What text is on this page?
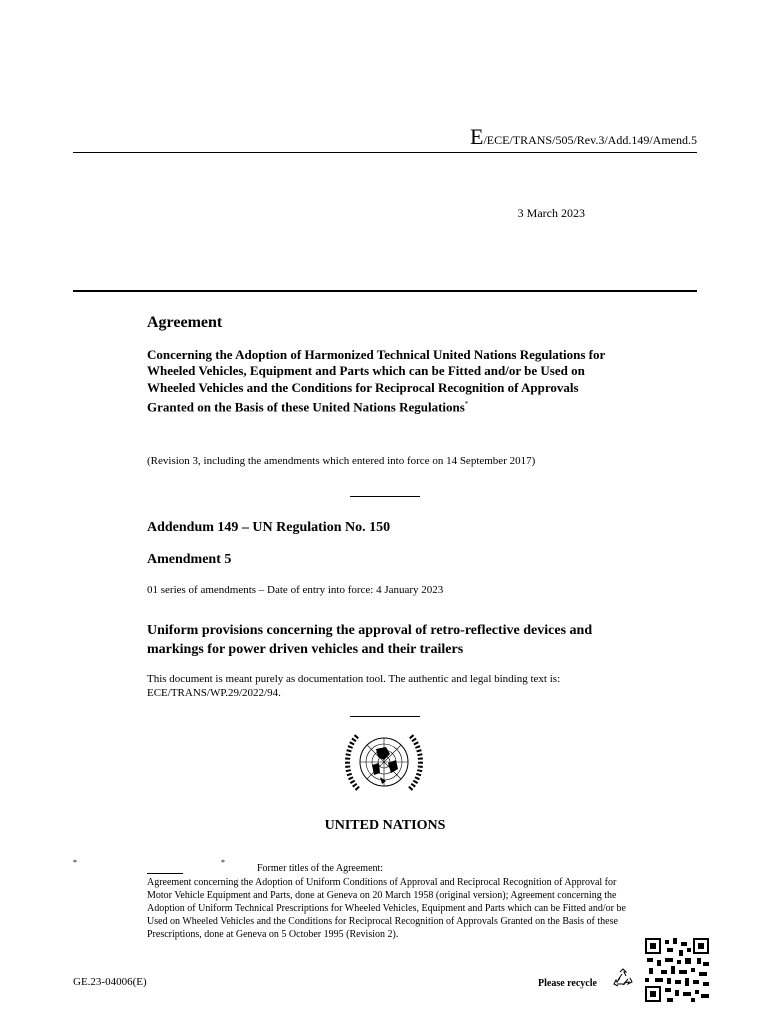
E/ECE/TRANS/505/Rev.3/Add.149/Amend.5
3 March 2023
Agreement
Concerning the Adoption of Harmonized Technical United Nations Regulations for Wheeled Vehicles, Equipment and Parts which can be Fitted and/or be Used on Wheeled Vehicles and the Conditions for Reciprocal Recognition of Approvals Granted on the Basis of these United Nations Regulations*
(Revision 3, including the amendments which entered into force on 14 September 2017)
Addendum 149 – UN Regulation No. 150
Amendment 5
01 series of amendments – Date of entry into force: 4 January 2023
Uniform provisions concerning the approval of retro-reflective devices and markings for power driven vehicles and their trailers
This document is meant purely as documentation tool. The authentic and legal binding text is: ECE/TRANS/WP.29/2022/94.
UNITED NATIONS
*	*
Former titles of the Agreement:
Agreement concerning the Adoption of Uniform Conditions of Approval and Reciprocal Recognition of Approval for Motor Vehicle Equipment and Parts, done at Geneva on 20 March 1958 (original version); Agreement concerning the Adoption of Uniform Technical Prescriptions for Wheeled Vehicles, Equipment and Parts which can be Fitted and/or be Used on Wheeled Vehicles and the Conditions for Reciprocal Recognition of Approvals Granted on the Basis of these Prescriptions, done at Geneva on 5 October 1995 (Revision 2).
GE.23-04006(E)	Please recycle
